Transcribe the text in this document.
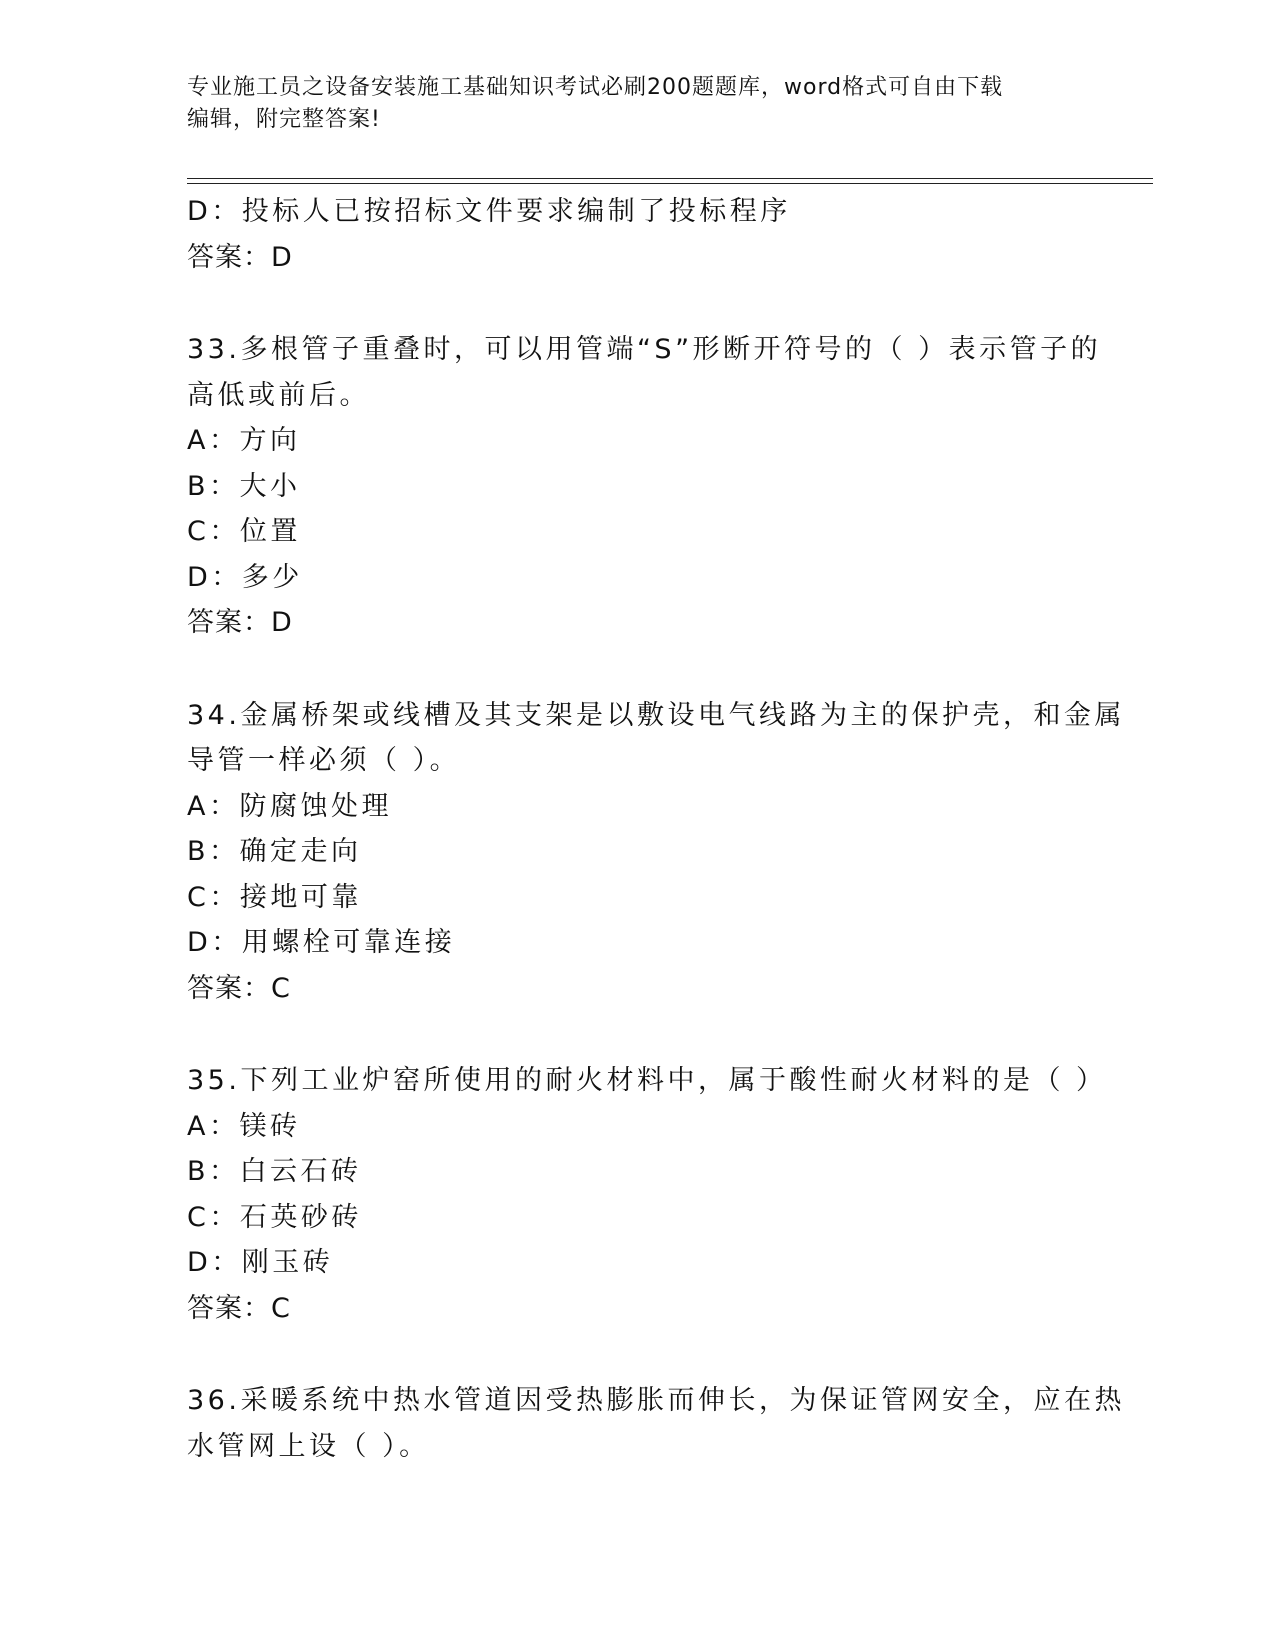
专业施工员之设备安装施工基础知识考试必刷200题题库，word格式可自由下载
编辑，附完整答案!
D：投标人已按招标文件要求编制了投标程序
答案：D
33.多根管子重叠时，可以用管端“S”形断开符号的（ ）表示管子的
高低或前后。
A：方向
B：大小
C：位置
D：多少
答案：D
34.金属桥架或线槽及其支架是以敷设电气线路为主的保护壳，和金属
导管一样必须（ ）。
A：防腐蚀处理
B：确定走向
C：接地可靠
D：用螺栓可靠连接
答案：C
35.下列工业炉窑所使用的耐火材料中，属于酸性耐火材料的是（ ）
A：镁砖
B：白云石砖
C：石英砂砖
D：刚玉砖
答案：C
36.采暖系统中热水管道因受热膨胀而伸长，为保证管网安全，应在热
水管网上设（ ）。
